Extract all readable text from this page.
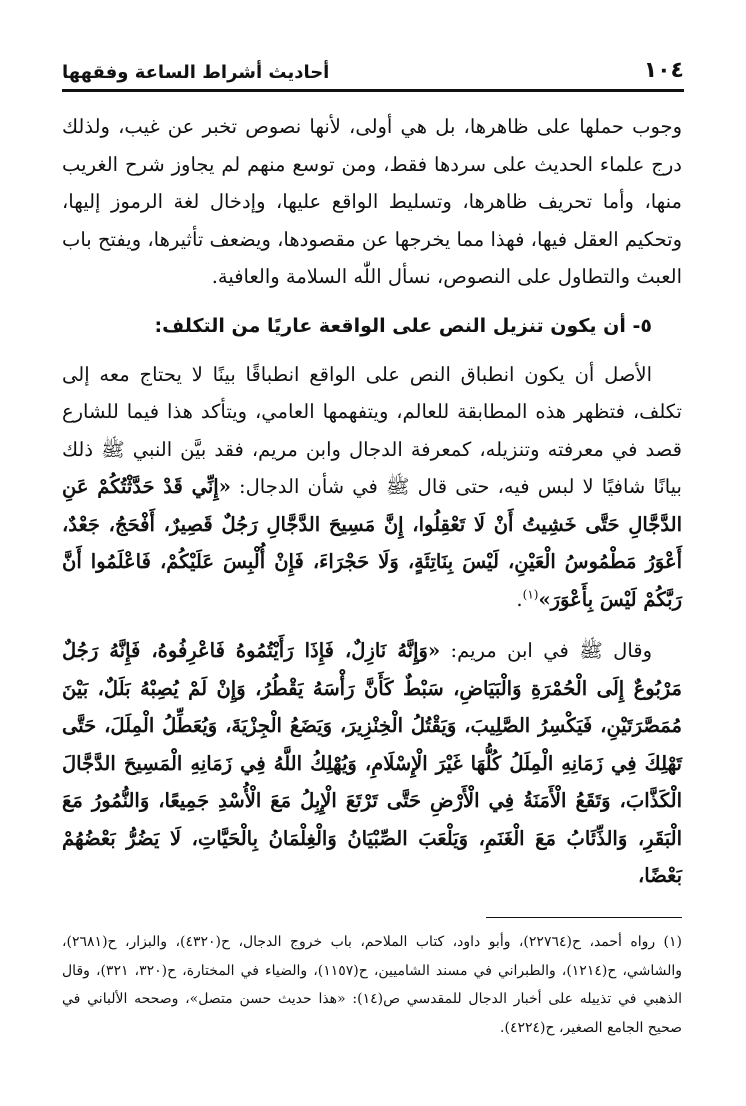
١٠٤
أحاديث أشراط الساعة وفقهها

وجوب حملها على ظاهرها، بل هي أولى، لأنها نصوص تخبر عن غيب، ولذلك درج علماء الحديث على سردها فقط، ومن توسع منهم لم يجاوز شرح الغريب منها، وأما تحريف ظاهرها، وتسليط الواقع عليها، وإدخال لغة الرموز إليها، وتحكيم العقل فيها، فهذا مما يخرجها عن مقصودها، ويضعف تأثيرها، ويفتح باب العبث والتطاول على النصوص، نسأل اللّٰه السلامة والعافية.

٥- أن يكون تنزيل النص على الواقعة عاريًا من التكلف:

الأصل أن يكون انطباق النص على الواقع انطباقًا بينًا لا يحتاج معه إلى تكلف، فتظهر هذه المطابقة للعالم، ويتفهمها العامي، ويتأكد هذا فيما للشارع قصد في معرفته وتنزيله، كمعرفة الدجال وابن مريم، فقد بيَّن النبي ﷺ ذلك بيانًا شافيًا لا لبس فيه، حتى قال ﷺ في شأن الدجال: «إِنِّي قَدْ حَدَّثْتُكُمْ عَنِ الدَّجَّالِ حَتَّى خَشِيتُ أَنْ لَا تَعْقِلُوا، إِنَّ مَسِيحَ الدَّجَّالِ رَجُلٌ قَصِيرٌ، أَفْحَجُ، جَعْدٌ، أَعْوَرُ مَطْمُوسُ الْعَيْنِ، لَيْسَ بِنَاتِئَةٍ، وَلَا حَجْرَاءَ، فَإِنْ أُلْبِسَ عَلَيْكُمْ، فَاعْلَمُوا أَنَّ رَبَّكُمْ لَيْسَ بِأَعْوَرَ»$^{(١)}$.

وقال ﷺ في ابن مريم: «وَإِنَّهُ نَازِلٌ، فَإِذَا رَأَيْتُمُوهُ فَاعْرِفُوهُ، فَإِنَّهُ رَجُلٌ مَرْبُوعٌ إِلَى الْحُمْرَةِ وَالْبَيَاضِ، سَبْطٌ كَأَنَّ رَأْسَهُ يَقْطُرُ، وَإِنْ لَمْ يُصِبْهُ بَلَلٌ، بَيْنَ مُمَصَّرَتَيْنِ، فَيَكْسِرُ الصَّلِيبَ، وَيَقْتُلُ الْخِنْزِيرَ، وَيَضَعُ الْجِزْيَةَ، وَيُعَطِّلُ الْمِلَلَ، حَتَّى تَهْلِكَ فِي زَمَانِهِ الْمِلَلُ كُلُّهَا غَيْرَ الْإِسْلَامِ، وَيُهْلِكُ اللَّهُ فِي زَمَانِهِ الْمَسِيحَ الدَّجَّالَ الْكَذَّابَ، وَتَقَعُ الْأَمَنَةُ فِي الْأَرْضِ حَتَّى تَرْتَعَ الْإِبِلُ مَعَ الْأُسْدِ جَمِيعًا، وَالنُّمُورُ مَعَ الْبَقَرِ، وَالذِّئَابُ مَعَ الْغَنَمِ، وَيَلْعَبَ الصِّبْيَانُ وَالْغِلْمَانُ بِالْحَيَّاتِ، لَا يَضُرُّ بَعْضُهُمْ بَعْضًا،

(١) رواه أحمد، ح(٢٢٧٦٤)، وأبو داود، كتاب الملاحم، باب خروج الدجال، ح(٤٣٢٠)، والبزار، ح(٢٦٨١)، والشاشي، ح(١٢١٤)، والطبراني في مسند الشاميين، ح(١١٥٧)، والضياء في المختارة، ح(٣٢٠، ٣٢١)، وقال الذهبي في تذييله على أخبار الدجال للمقدسي ص(١٤): «هذا حديث حسن متصل»، وصححه الألباني في صحيح الجامع الصغير، ح(٤٢٢٤).
